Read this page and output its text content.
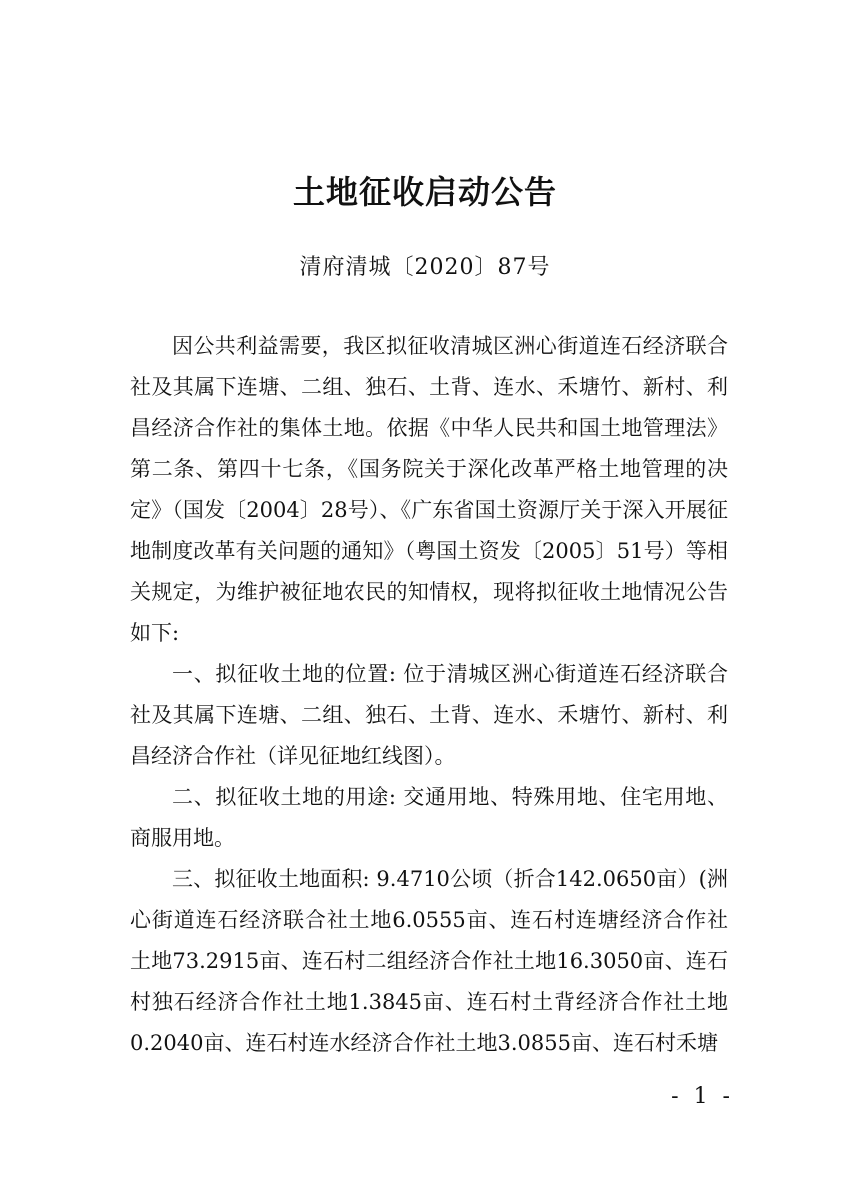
土地征收启动公告
清府清城〔2020〕87号

因公共利益需要，我区拟征收清城区洲心街道连石经济联合社及其属下连塘、二组、独石、土背、连水、禾塘竹、新村、利昌经济合作社的集体土地。依据《中华人民共和国土地管理法》第二条、第四十七条，《国务院关于深化改革严格土地管理的决定》（国发〔2004〕28号）、《广东省国土资源厅关于深入开展征地制度改革有关问题的通知》（粤国土资发〔2005〕51号）等相关规定，为维护被征地农民的知情权，现将拟征收土地情况公告如下:

一、拟征收土地的位置: 位于清城区洲心街道连石经济联合社及其属下连塘、二组、独石、土背、连水、禾塘竹、新村、利昌经济合作社（详见征地红线图）。

二、拟征收土地的用途: 交通用地、特殊用地、住宅用地、商服用地。

三、拟征收土地面积: 9.4710公顷（折合142.0650亩）(洲心街道连石经济联合社土地6.0555亩、连石村连塘经济合作社土地73.2915亩、连石村二组经济合作社土地16.3050亩、连石村独石经济合作社土地1.3845亩、连石村土背经济合作社土地0.2040亩、连石村连水经济合作社土地3.0855亩、连石村禾塘

- 1 -
